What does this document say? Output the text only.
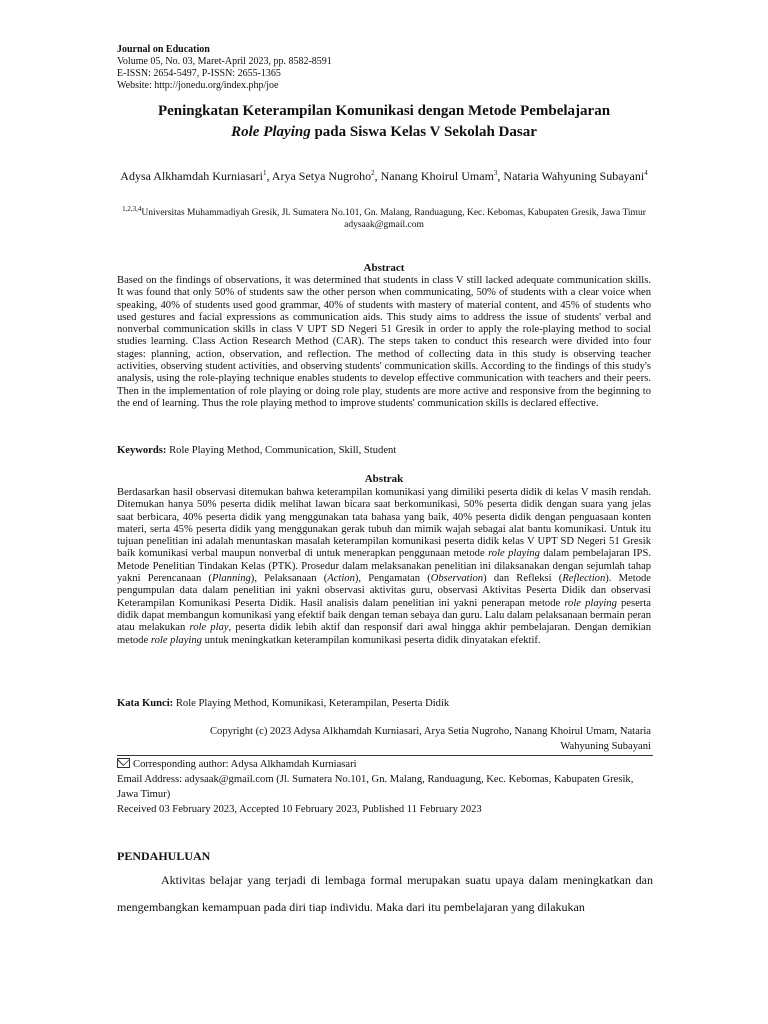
Journal on Education
Volume 05, No. 03, Maret-April 2023, pp. 8582-8591
E-ISSN: 2654-5497, P-ISSN: 2655-1365
Website: http://jonedu.org/index.php/joe
Peningkatan Keterampilan Komunikasi dengan Metode Pembelajaran
Role Playing pada Siswa Kelas V Sekolah Dasar
Adysa Alkhamdah Kurniasari$^1$, Arya Setya Nugroho$^2$, Nanang Khoirul Umam$^3$, Nataria Wahyuning Subayani$^4$
$^{1,2,3,4}$Universitas Muhammadiyah Gresik, Jl. Sumatera No.101, Gn. Malang, Randuagung, Kec. Kebomas, Kabupaten Gresik, Jawa Timur
adysaak@gmail.com
Abstract
Based on the findings of observations, it was determined that students in class V still lacked adequate communication skills. It was found that only 50% of students saw the other person when communicating, 50% of students with a clear voice when speaking, 40% of students used good grammar, 40% of students with mastery of material content, and 45% of students who used gestures and facial expressions as communication aids. This study aims to address the issue of students' verbal and nonverbal communication skills in class V UPT SD Negeri 51 Gresik in order to apply the role-playing method to social studies learning. Class Action Research Method (CAR). The steps taken to conduct this research were divided into four stages: planning, action, observation, and reflection. The method of collecting data in this study is observing teacher activities, observing student activities, and observing students' communication skills. According to the findings of this study's analysis, using the role-playing technique enables students to develop effective communication with teachers and their peers. Then in the implementation of role playing or doing role play, students are more active and responsive from the beginning to the end of learning. Thus the role playing method to improve students' communication skills is declared effective.
Keywords: Role Playing Method, Communication, Skill, Student
Abstrak
Berdasarkan hasil observasi ditemukan bahwa keterampilan komunikasi yang dimiliki peserta didik di kelas V masih rendah. Ditemukan hanya 50% peserta didik melihat lawan bicara saat berkomunikasi, 50% peserta didik dengan suara yang jelas saat berbicara, 40% peserta didik yang menggunakan tata bahasa yang baik, 40% peserta didik dengan penguasaan konten materi, serta 45% peserta didik yang menggunakan gerak tubuh dan mimik wajah sebagai alat bantu komunikasi. Untuk itu tujuan penelitian ini adalah menuntaskan masalah keterampilan komunikasi peserta didik kelas V UPT SD Negeri 51 Gresik baik komunikasi verbal maupun nonverbal di untuk menerapkan penggunaan metode role playing dalam pembelajaran IPS. Metode Penelitian Tindakan Kelas (PTK). Prosedur dalam melaksanakan penelitian ini dilaksanakan dengan sejumlah tahap yakni Perencanaan (Planning), Pelaksanaan (Action), Pengamatan (Observation) dan Refleksi (Reflection). Metode pengumpulan data dalam penelitian ini yakni observasi aktivitas guru, observasi Aktivitas Peserta Didik dan observasi Keterampilan Komunikasi Peserta Didik. Hasil analisis dalam penelitian ini yakni penerapan metode role playing peserta didik dapat membangun komunikasi yang efektif baik dengan teman sebaya dan guru. Lalu dalam pelaksanaan bermain peran atau melakukan role play, peserta didik lebih aktif dan responsif dari awal hingga akhir pembelajaran. Dengan demikian metode role playing untuk meningkatkan keterampilan komunikasi peserta didik dinyatakan efektif.
Kata Kunci: Role Playing Method, Komunikasi, Keterampilan, Peserta Didik
Copyright (c) 2023 Adysa Alkhamdah Kurniasari, Arya Setia Nugroho, Nanang Khoirul Umam, Nataria
Wahyuning Subayani
Corresponding author: Adysa Alkhamdah Kurniasari
Email Address: adysaak@gmail.com (Jl. Sumatera No.101, Gn. Malang, Randuagung, Kec. Kebomas, Kabupaten Gresik, Jawa Timur)
Received 03 February 2023, Accepted 10 February 2023, Published 11 February 2023
PENDAHULUAN
Aktivitas belajar yang terjadi di lembaga formal merupakan suatu upaya dalam meningkatkan dan mengembangkan kemampuan pada diri tiap individu. Maka dari itu pembelajaran yang dilakukan
